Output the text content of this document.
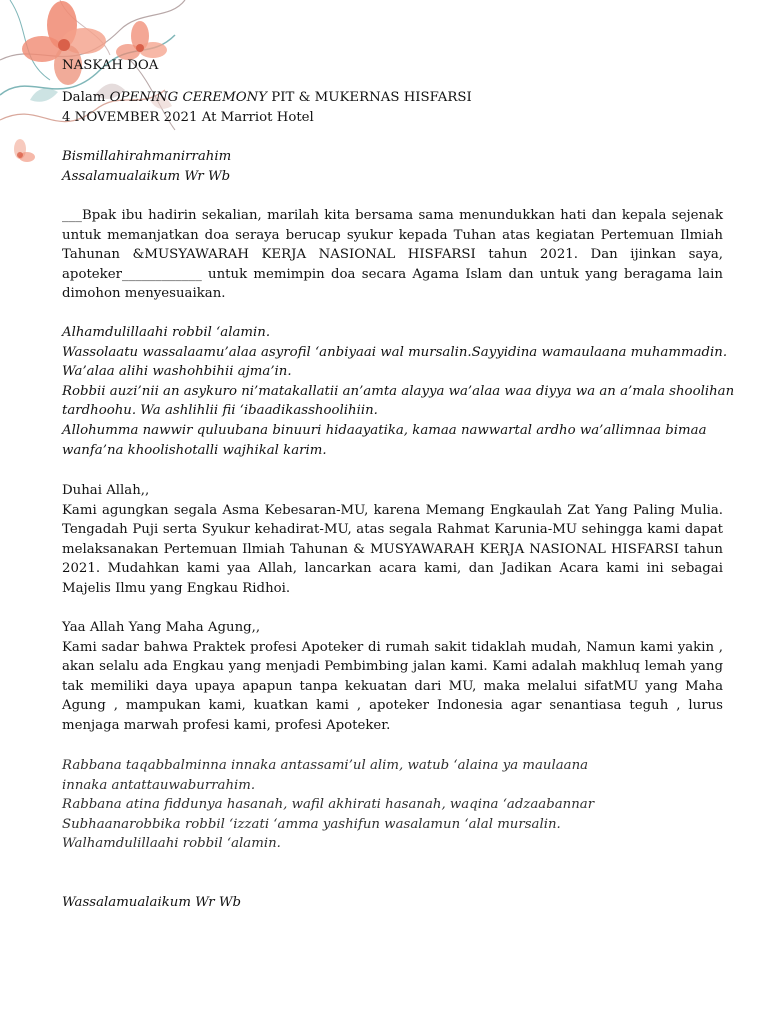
NASKAH DOA
Dalam OPENING CEREMONY PIT & MUKERNAS HISFARSI
4 NOVEMBER 2021 At Marriot Hotel
Bismillahirahmanirrahim
Assalamualaikum Wr Wb
___Bpak ibu hadirin sekalian, marilah kita bersama sama menundukkan hati dan kepala sejenak untuk memanjatkan doa seraya berucap syukur kepada Tuhan atas kegiatan Pertemuan Ilmiah Tahunan &MUSYAWARAH KERJA NASIONAL HISFARSI tahun 2021. Dan ijinkan saya, apoteker____________ untuk memimpin doa secara Agama Islam dan untuk yang beragama lain dimohon menyesuaikan.
Alhamdulillaahi robbil ‘alamin.
Wassolaatu wassalaamu’alaa asyrofil ‘anbiyaai wal mursalin.Sayyidina wamaulaana muhammadin.
Wa’alaa alihi washohbihii ajma’in.
Robbii auzi’nii an asykuro ni’matakallatii an’amta alayya wa’alaa waa diyya wa an a’mala shoolihan
tardhoohu. Wa ashlihlii fii ‘ibaadikasshoolihiin.
Allohumma nawwir quluubana binuuri hidaayatika, kamaa nawwartal ardho wa’allimnaa bimaa
wanfa’na khoolishotalli wajhikal karim.
Duhai Allah,,
Kami agungkan segala Asma Kebesaran-MU, karena Memang Engkaulah Zat Yang Paling Mulia. Tengadah Puji serta Syukur kehadirat-MU, atas segala Rahmat Karunia-MU sehingga kami dapat melaksanakan Pertemuan Ilmiah Tahunan & MUSYAWARAH KERJA NASIONAL HISFARSI tahun 2021. Mudahkan kami yaa Allah, lancarkan acara kami, dan Jadikan Acara kami ini sebagai Majelis Ilmu yang Engkau Ridhoi.
Yaa Allah Yang Maha Agung,,
Kami sadar bahwa Praktek profesi Apoteker di rumah sakit tidaklah mudah, Namun kami yakin , akan selalu ada Engkau yang menjadi Pembimbing jalan kami. Kami adalah makhluq lemah yang tak memiliki daya upaya apapun tanpa kekuatan dari MU, maka melalui sifatMU yang Maha Agung , mampukan kami, kuatkan kami , apoteker Indonesia agar senantiasa teguh , lurus menjaga marwah profesi kami, profesi Apoteker.
Rabbana taqabbalminna innaka antassami’ul alim, watub ‘alaina ya maulaana
innaka antattauwaburrahim.
Rabbana atina fiddunya hasanah, wafil akhirati hasanah, waqina ‘adzaabannar
Subhaanarobbika robbil ‘izzati ‘amma yashifun wasalamun ‘alal mursalin.
Walhamdulillaahi robbil ‘alamin.
Wassalamualaikum Wr Wb
